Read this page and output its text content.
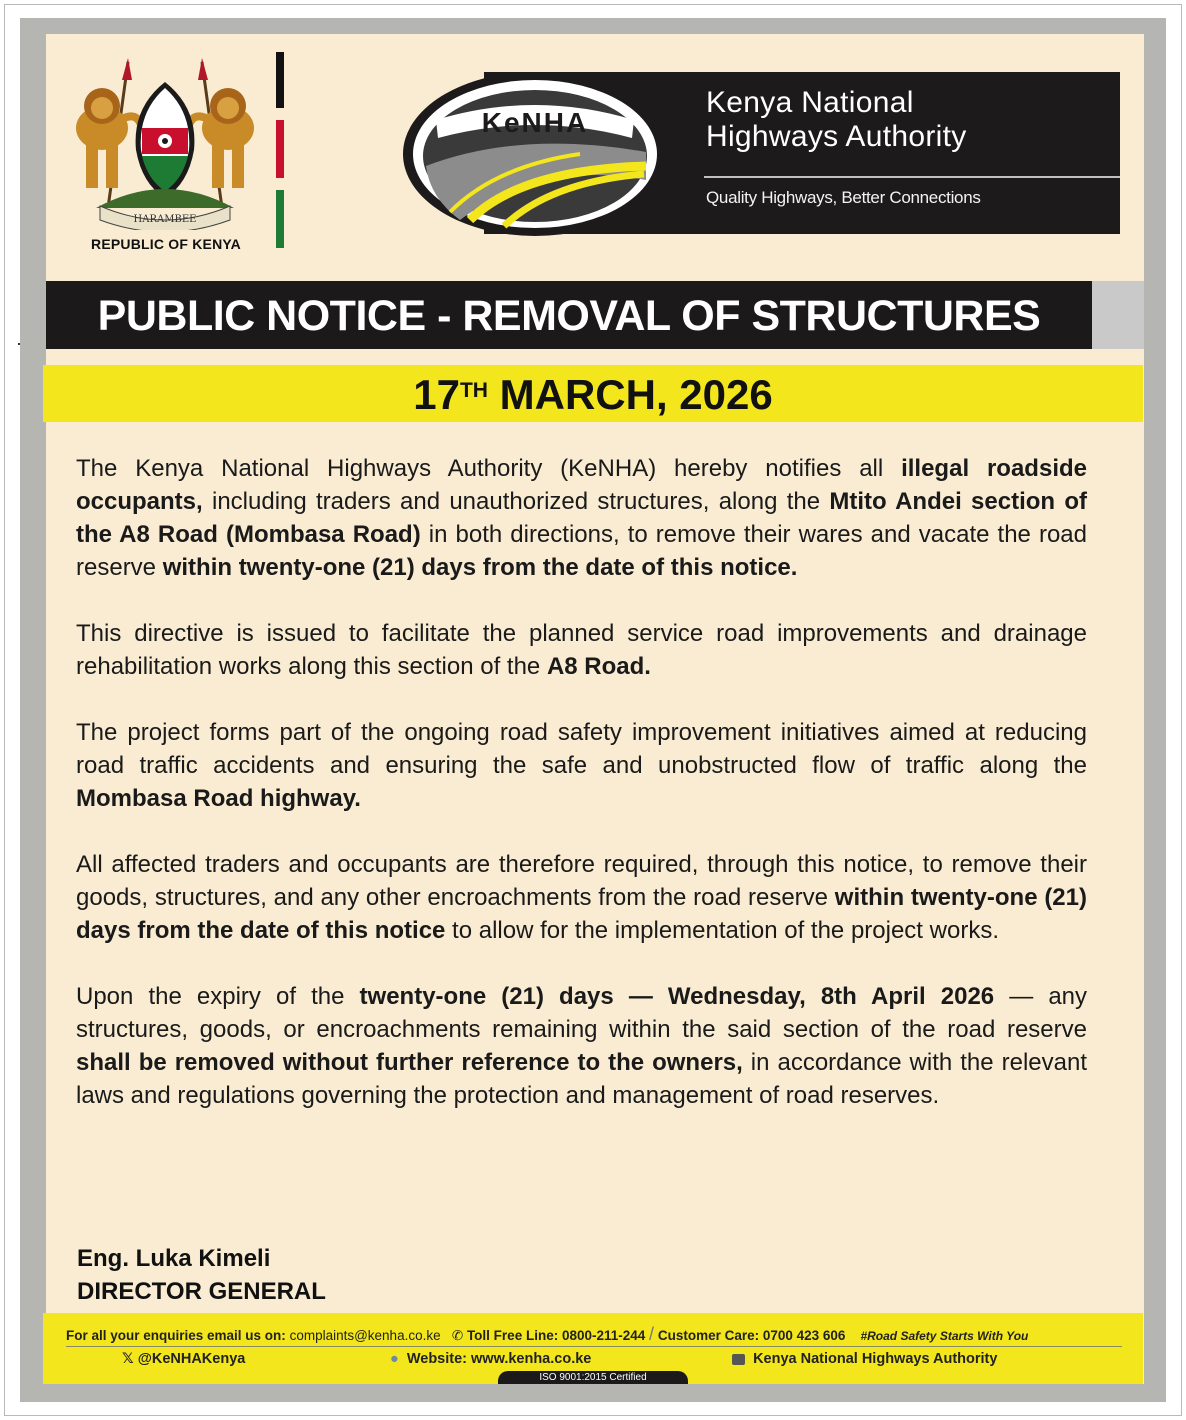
HARAMBEE
REPUBLIC OF KENYA
KeNHA
Kenya National
Highways Authority
Quality Highways, Better Connections
PUBLIC NOTICE - REMOVAL OF STRUCTURES
17TH MARCH, 2026

The Kenya National Highways Authority (KeNHA) hereby notifies all illegal roadside occupants, including traders and unauthorized structures, along the Mtito Andei section of the A8 Road (Mombasa Road) in both directions, to remove their wares and vacate the road reserve within twenty-one (21) days from the date of this notice.

This directive is issued to facilitate the planned service road improvements and drainage rehabilitation works along this section of the A8 Road.

The project forms part of the ongoing road safety improvement initiatives aimed at reducing road traffic accidents and ensuring the safe and unobstructed flow of traffic along the Mombasa Road highway.

All affected traders and occupants are therefore required, through this notice, to remove their goods, structures, and any other encroachments from the road reserve within twenty-one (21) days from the date of this notice to allow for the implementation of the project works.

Upon the expiry of the twenty-one (21) days — Wednesday, 8th April 2026 — any structures, goods, or encroachments remaining within the said section of the road reserve shall be removed without further reference to the owners, in accordance with the relevant laws and regulations governing the protection and management of road reserves.

Eng. Luka Kimeli
DIRECTOR GENERAL
For all your enquiries email us on: complaints@kenha.co.ke ✆ Toll Free Line: 0800-211-244 / Customer Care: 0700 423 606 #Road Safety Starts With You
𝕏 @KeNHAKenya	● Website: www.kenha.co.ke	Kenya National Highways Authority
ISO 9001:2015 Certified
